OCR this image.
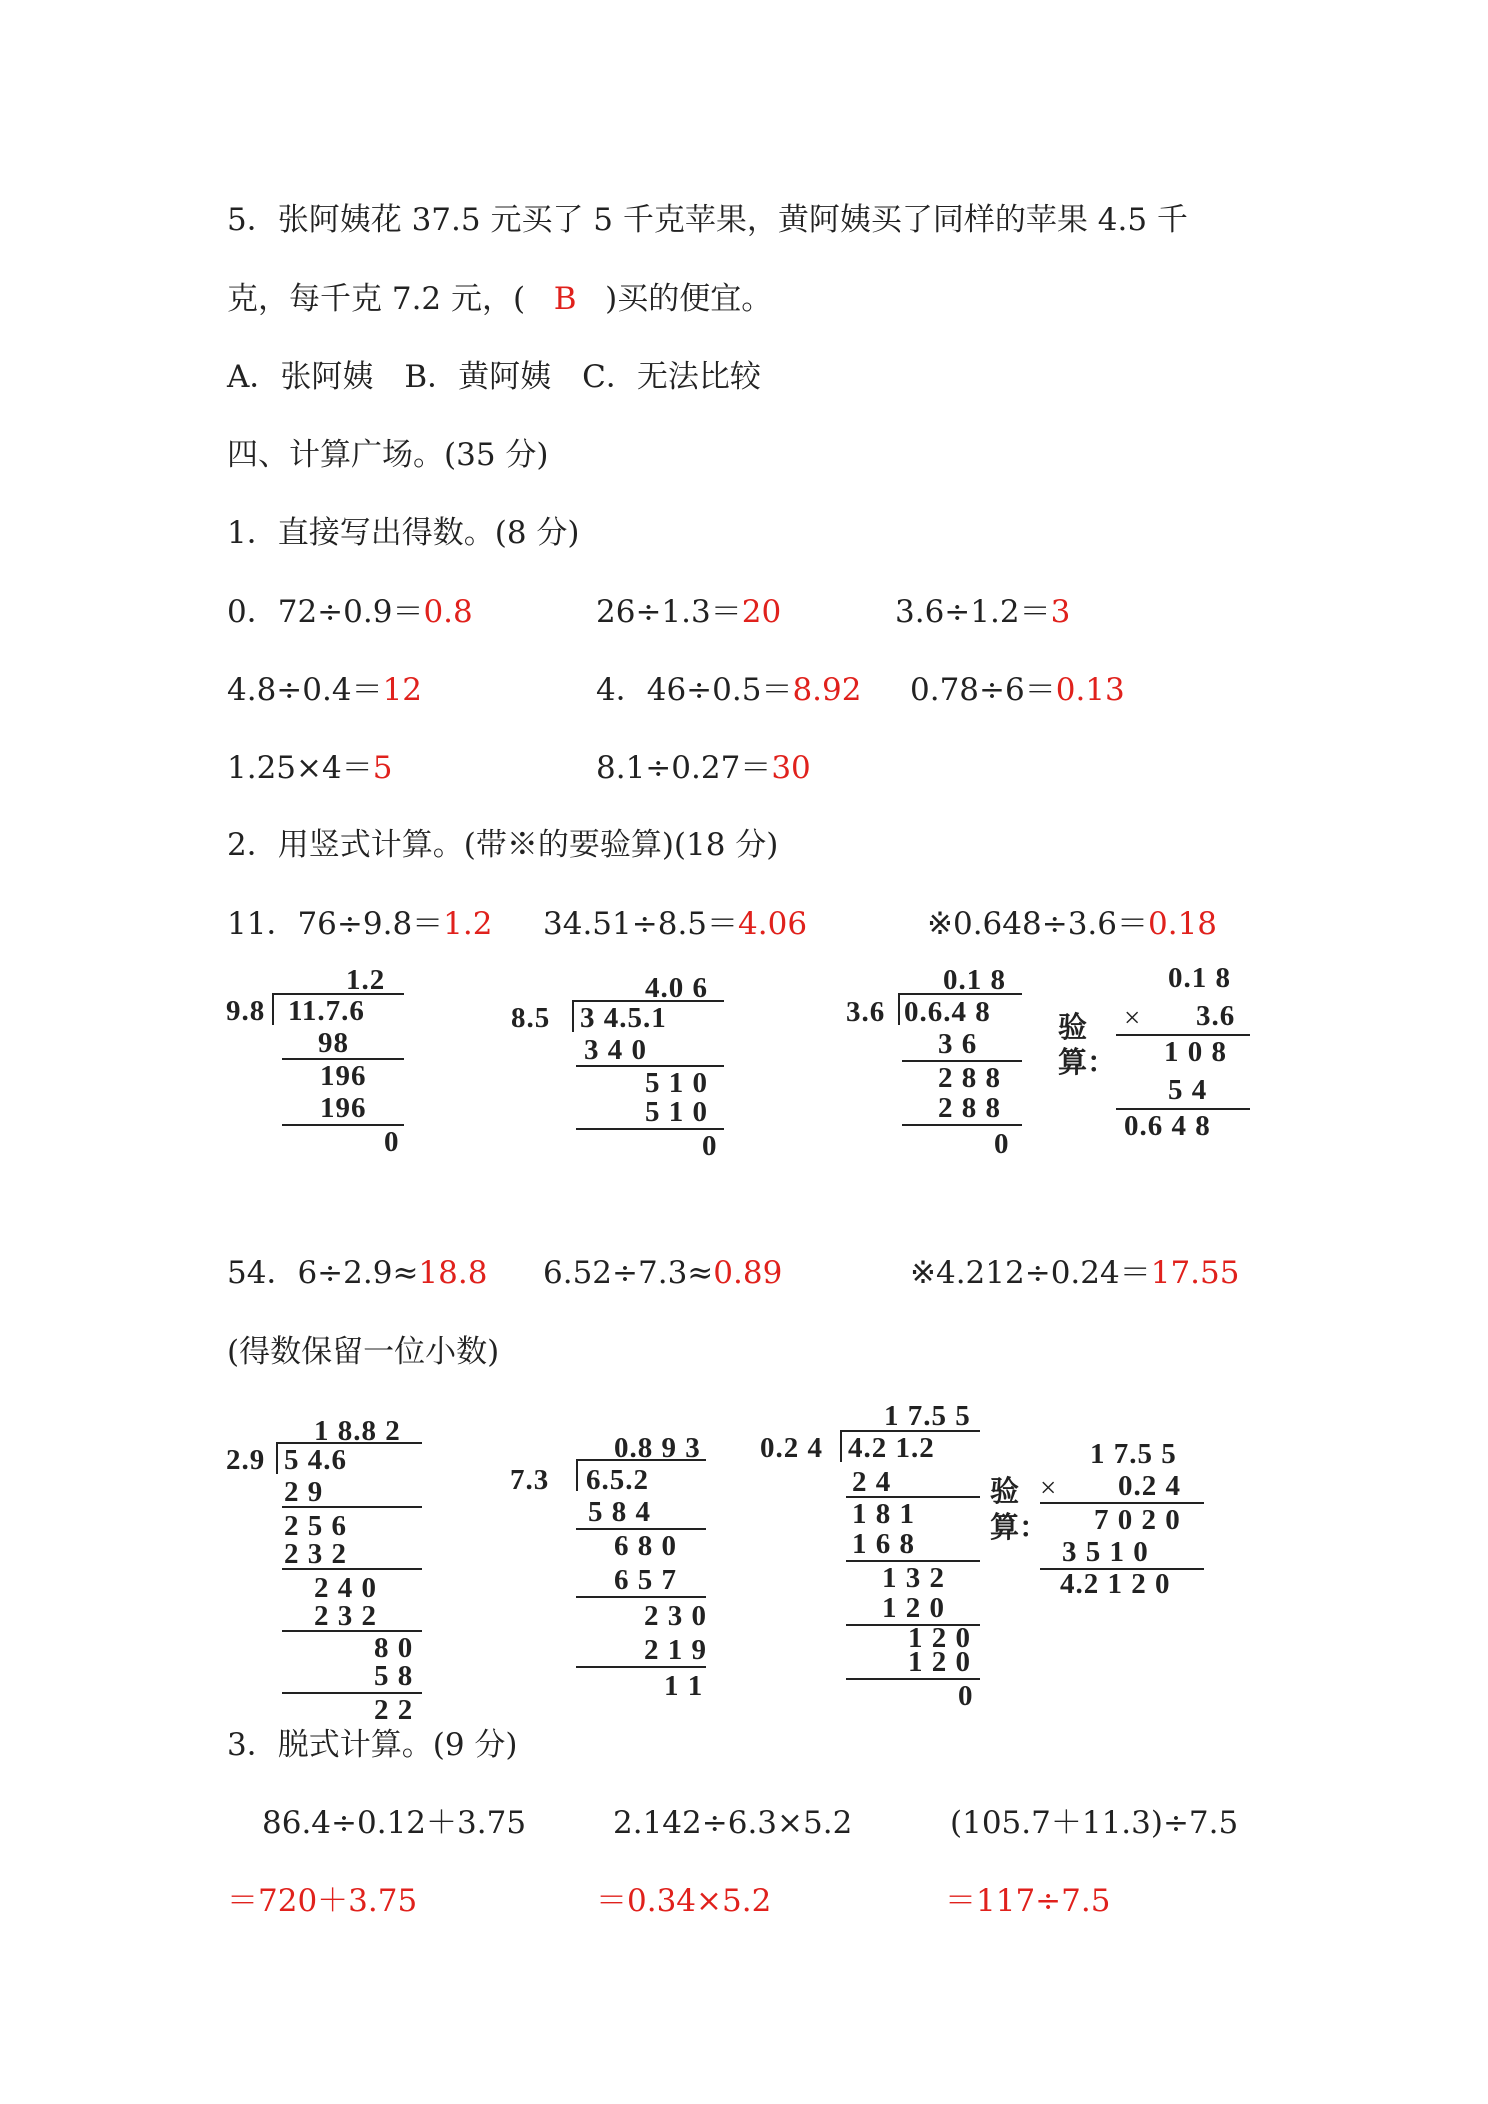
5．张阿姨花 37.5 元买了 5 千克苹果，黄阿姨买了同样的苹果 4.5 千
克，每千克 7.2 元，( B )买的便宜。
A．张阿姨　B．黄阿姨　C．无法比较
四、计算广场。(35 分)
1．直接写出得数。(8 分)
0．72÷0.9＝0.8	26÷1.3＝20	3.6÷1.2＝3
4.8÷0.4＝12	4．46÷0.5＝8.92 0.78÷6＝0.13
1.25×4＝5	8.1÷0.27＝30
2．用竖式计算。(带※的要验算)(18 分)
11．76÷9.8＝1.2 34.51÷8.5＝4.06	※0.648÷3.6＝0.18
1.2
9.8 11.7.6
98
196
196
0
4.0 6
8.5 3 4.5.1
3 4 0
5 1 0
5 1 0
0
0.1 8
3.6 0.6.4 8
3 6
2 8 8
2 8 8
0
验
算：
0.1 8
× 3.6
1 0 8
5 4
0.6 4 8
54．6÷2.9≈18.8 6.52÷7.3≈0.89	※4.212÷0.24＝17.55
(得数保留一位小数)
1 8.8 2
2.9 5 4.6
2 9
2 5 6
2 3 2
2 4 0
2 3 2
8 0
5 8
2 2
0.8 9 3
7.3 6.5.2
5 8 4
6 8 0
6 5 7
2 3 0
2 1 9
1 1
1 7.5 5
0.2 4 4.2 1.2
2 4
1 8 1
1 6 8
1 3 2
1 2 0
1 2 0
1 2 0
0
验
算：
1 7.5 5
× 0.2 4
7 0 2 0
3 5 1 0
4.2 1 2 0
3．脱式计算。(9 分)
86.4÷0.12＋3.75	2.142÷6.3×5.2	(105.7＋11.3)÷7.5
＝720＋3.75	＝0.34×5.2	＝117÷7.5
